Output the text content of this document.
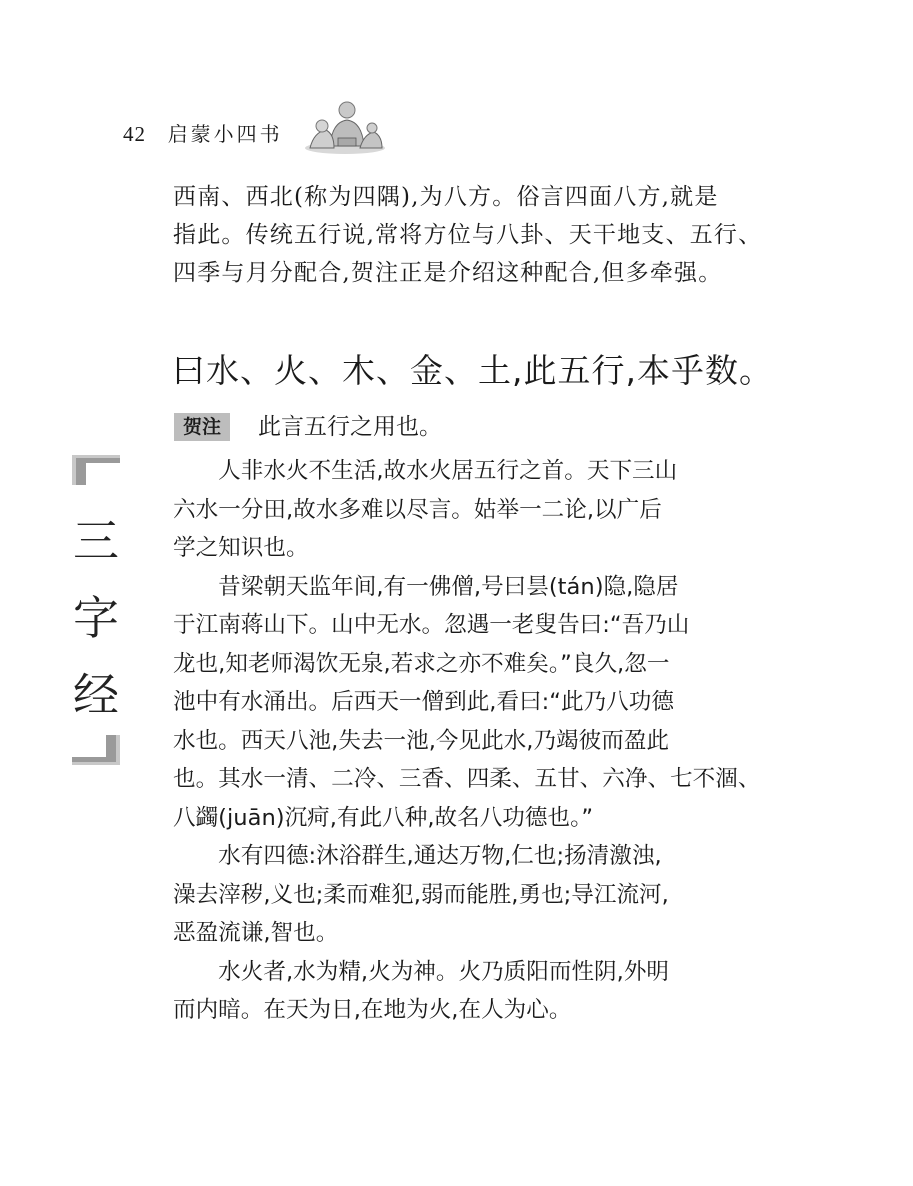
42 启蒙小四书

西南、西北(称为四隅),为八方。俗言四面八方,就是

指此。传统五行说,常将方位与八卦、天干地支、五行、

四季与月分配合,贺注正是介绍这种配合,但多牵强。

曰水、火、木、金、土,此五行,本乎数。
贺注	此言五行之用也。

　　人非水火不生活,故水火居五行之首。天下三山

六水一分田,故水多难以尽言。姑举一二论,以广后

学之知识也。

　　昔梁朝天监年间,有一佛僧,号曰昙(tán)隐,隐居

于江南蒋山下。山中无水。忽遇一老叟告曰:“吾乃山

龙也,知老师渴饮无泉,若求之亦不难矣。”良久,忽一

池中有水涌出。后西天一僧到此,看曰:“此乃八功德

水也。西天八池,失去一池,今见此水,乃竭彼而盈此

也。其水一清、二冷、三香、四柔、五甘、六净、七不涸、

八蠲(juān)沉疴,有此八种,故名八功德也。”

　　水有四德:沐浴群生,通达万物,仁也;扬清激浊,

澡去滓秽,义也;柔而难犯,弱而能胜,勇也;导江流河,

恶盈流谦,智也。

　　水火者,水为精,火为神。火乃质阳而性阴,外明

而内暗。在天为日,在地为火,在人为心。

三
字
经
